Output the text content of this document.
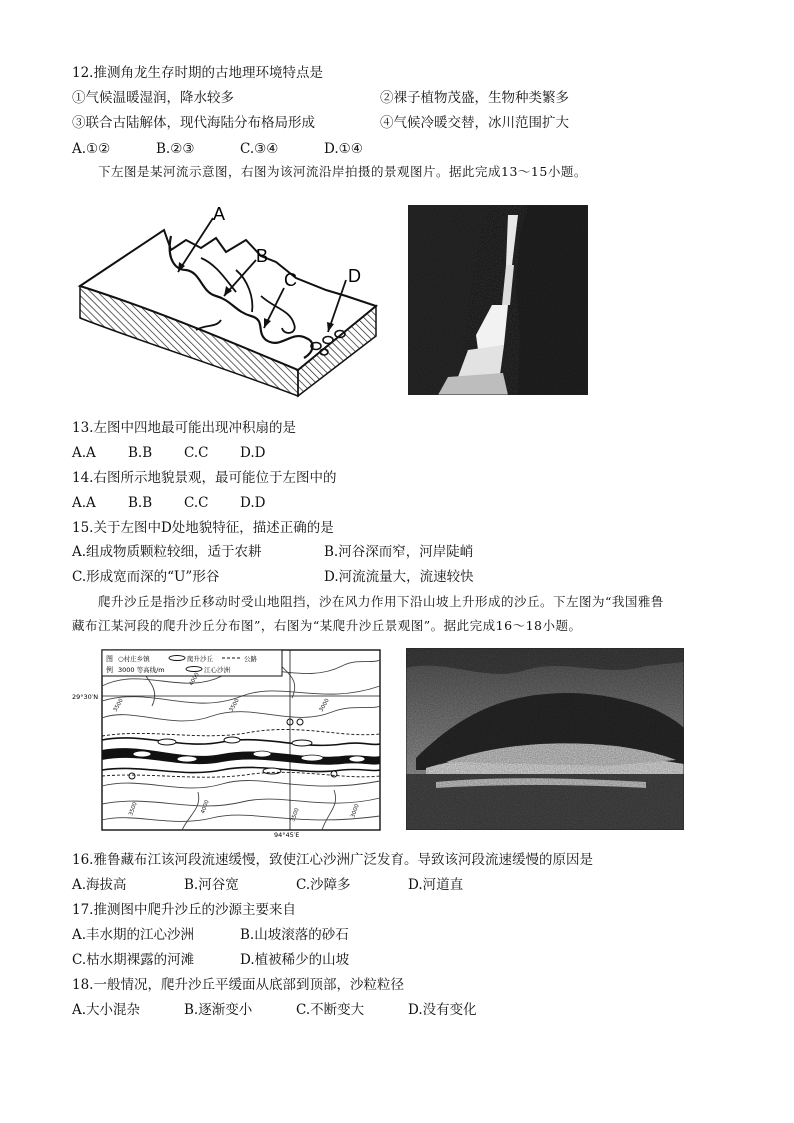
12.推测角龙生存时期的古地理环境特点是
①气候温暖湿润，降水较多	②裸子植物茂盛，生物种类繁多
③联合古陆解体，现代海陆分布格局形成	④气候冷暖交替，冰川范围扩大
A.①②	B.②③	C.③④	D.①④
下左图是某河流示意图，右图为该河流沿岸拍摄的景观图片。据此完成13～15小题。
A
B
C	D
13.左图中四地最可能出现冲积扇的是
A.A B.B C.C D.D
14.右图所示地貌景观，最可能位于左图中的
A.A B.B C.C D.D
15.关于左图中D处地貌特征，描述正确的是
A.组成物质颗粒较细，适于农耕	B.河谷深而窄，河岸陡峭
C.形成宽而深的“U”形谷	D.河流流量大，流速较快
爬升沙丘是指沙丘移动时受山地阻挡，沙在风力作用下沿山坡上升形成的沙丘。下左图为“我国雅鲁
藏布江某河段的爬升沙丘分布图”，右图为“某爬升沙丘景观图”。据此完成16～18小题。
图
例
○村庄乡镇	爬升沙丘	公路
3000 等高线/m	江心沙洲
29°30′N
94°45′E
3500
4000
3500	3000
3500	4000
3500	3000
16.雅鲁藏布江该河段流速缓慢，致使江心沙洲广泛发育。导致该河段流速缓慢的原因是
A.海拔高	B.河谷宽	C.沙障多	D.河道直
17.推测图中爬升沙丘的沙源主要来自
A.丰水期的江心沙洲	B.山坡滚落的砂石
C.枯水期裸露的河滩	D.植被稀少的山坡
18.一般情况，爬升沙丘平缓面从底部到顶部，沙粒粒径
A.大小混杂	B.逐渐变小	C.不断变大	D.没有变化
